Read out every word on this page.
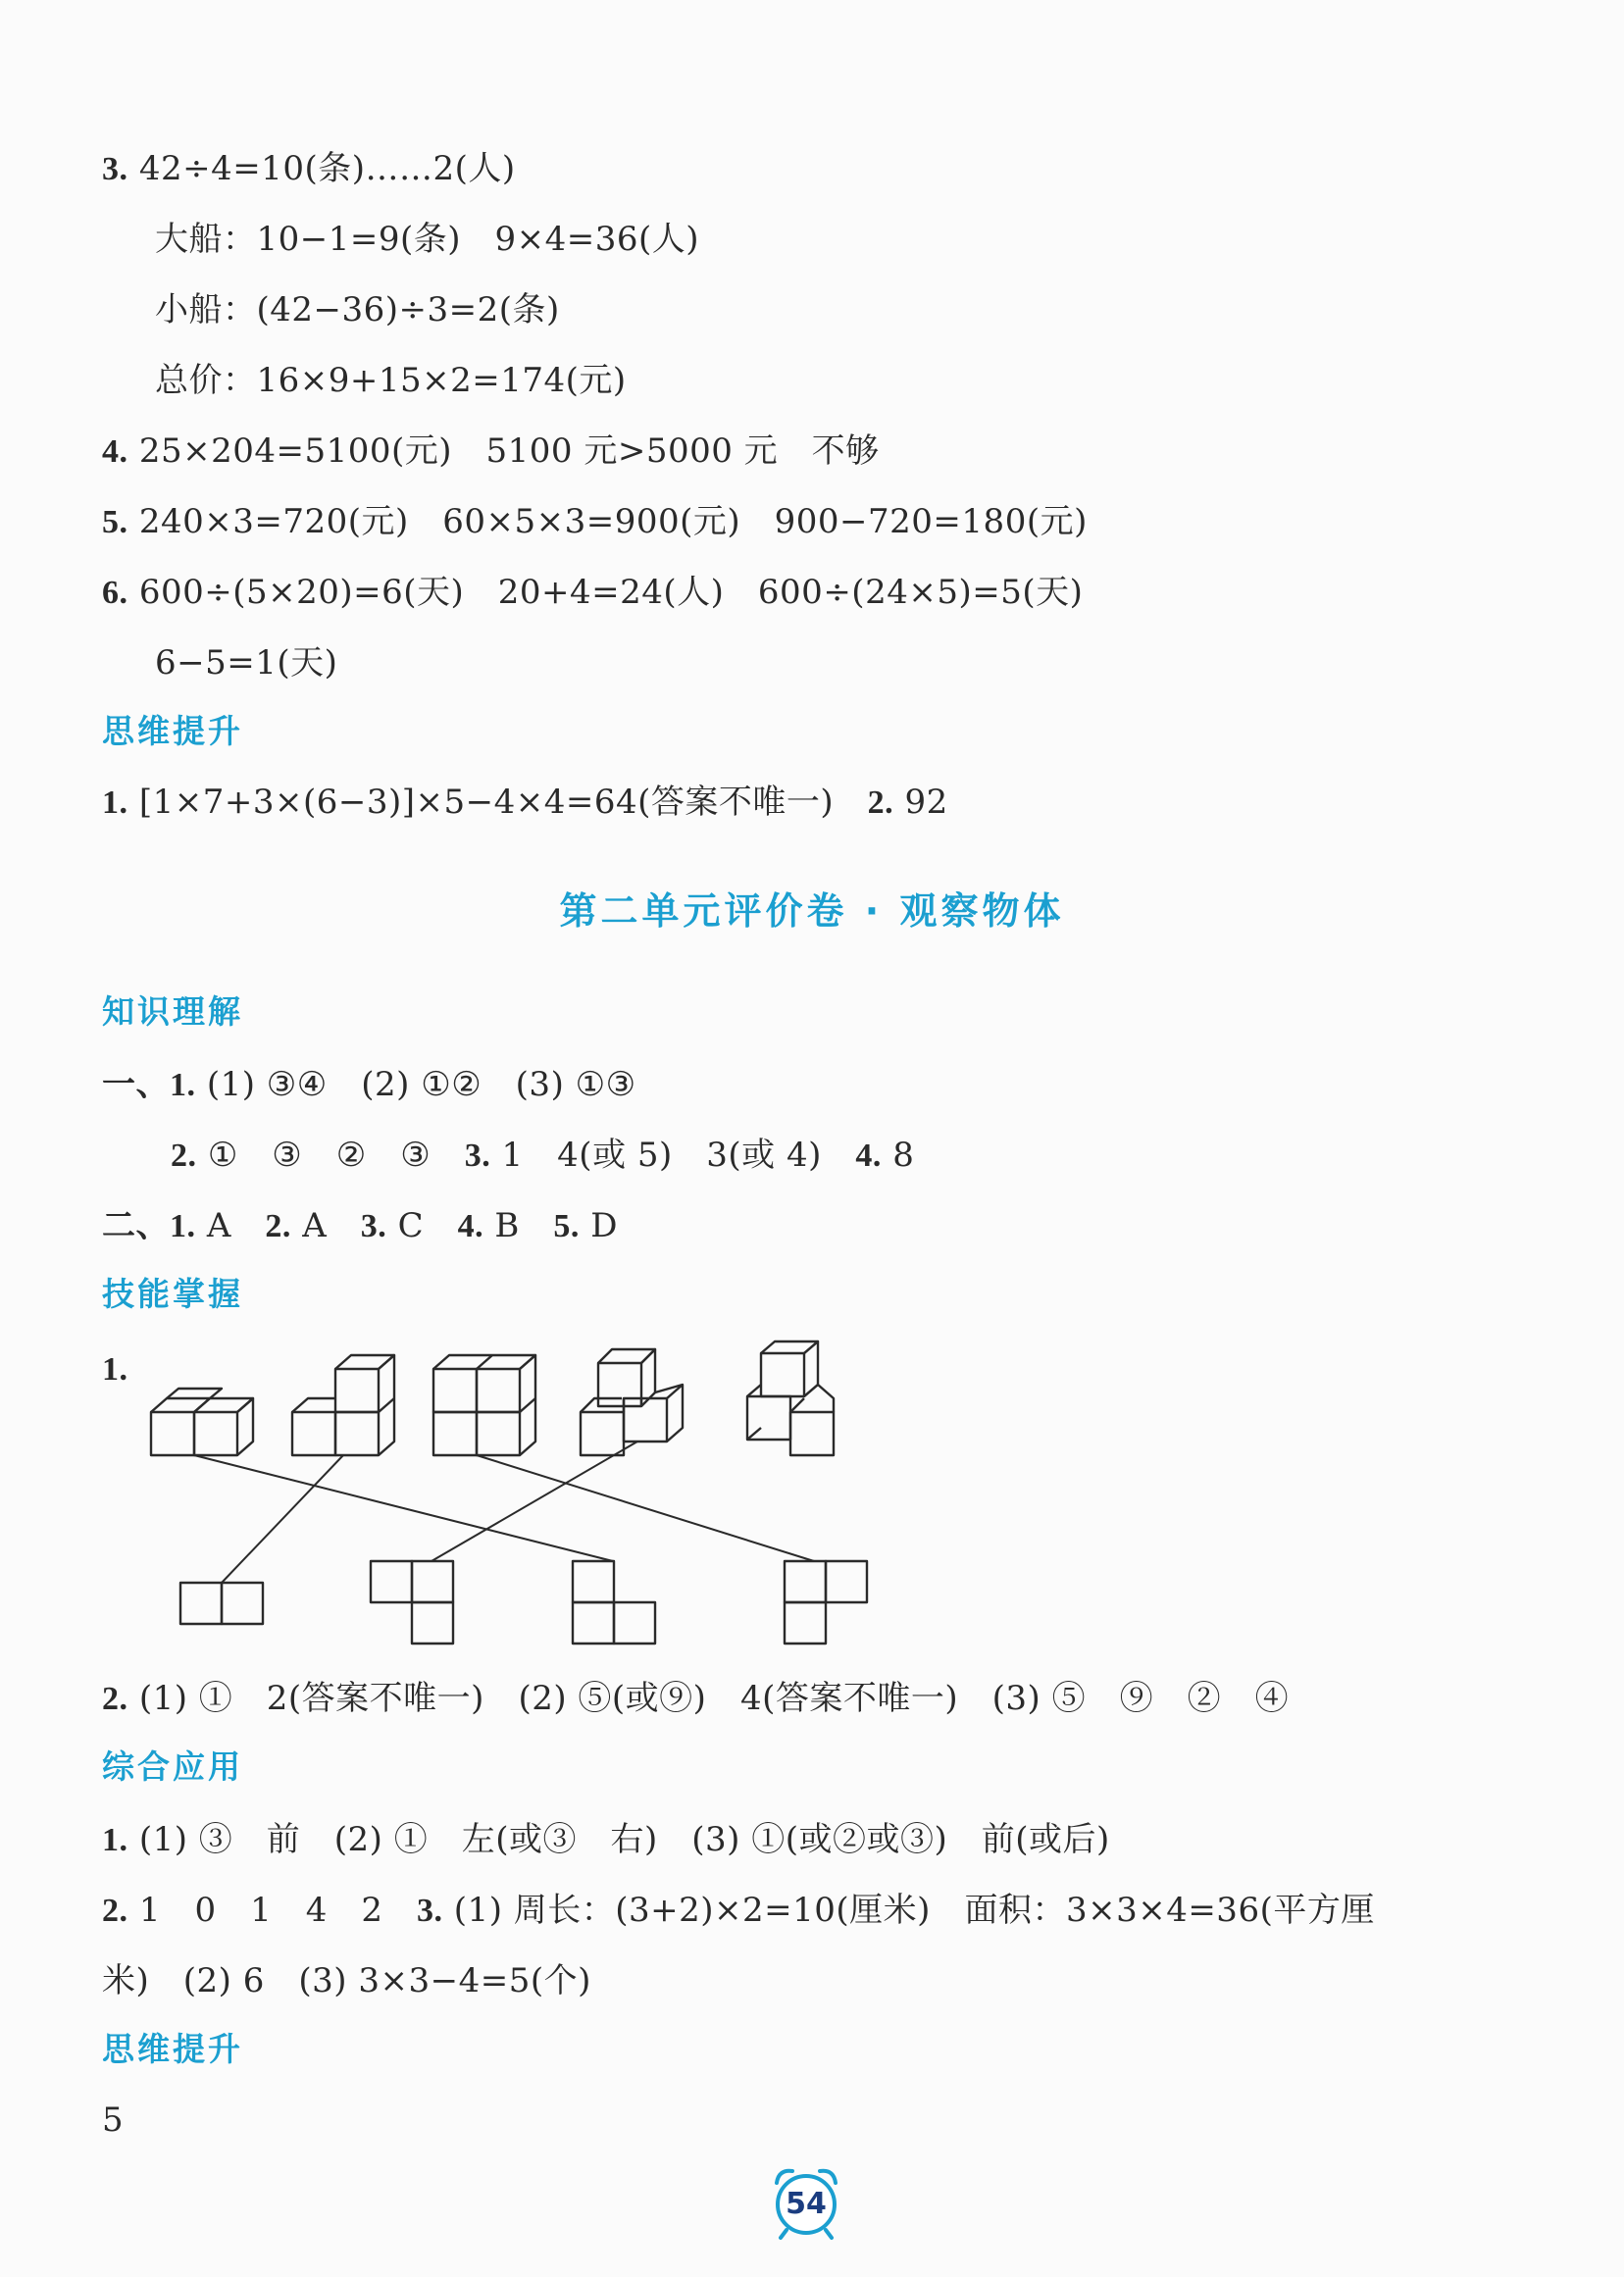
3. 42÷4=10(条)……2(人)
大船：10−1=9(条)　9×4=36(人)
小船：(42−36)÷3=2(条)
总价：16×9+15×2=174(元)
4. 25×204=5100(元)　5100 元>5000 元　不够
5. 240×3=720(元)　60×5×3=900(元)　900−720=180(元)
6. 600÷(5×20)=6(天)　20+4=24(人)　600÷(24×5)=5(天)
6−5=1(天)
思维提升
1. [1×7+3×(6−3)]×5−4×4=64(答案不唯一)　 2. 92
第二单元评价卷 · 观察物体
知识理解
一、1. (1) ③④　(2) ①②　(3) ①③
2. ①　③　②　③　 3. 1　4(或 5)　3(或 4)　 4. 8
二、1. A　 2. A　 3. C　 4. B　 5. D
技能掌握
1.
2. (1) ①　2(答案不唯一)　(2) ⑤(或⑨)　4(答案不唯一)　(3) ⑤　⑨　②　④
综合应用
1. (1) ③　前　(2) ①　左(或③　右)　(3) ①(或②或③)　前(或后)
2. 1　0　1　4　2　 3. (1) 周长：(3+2)×2=10(厘米)　面积：3×3×4=36(平方厘
米)　(2) 6　(3) 3×3−4=5(个)
思维提升
5
54
